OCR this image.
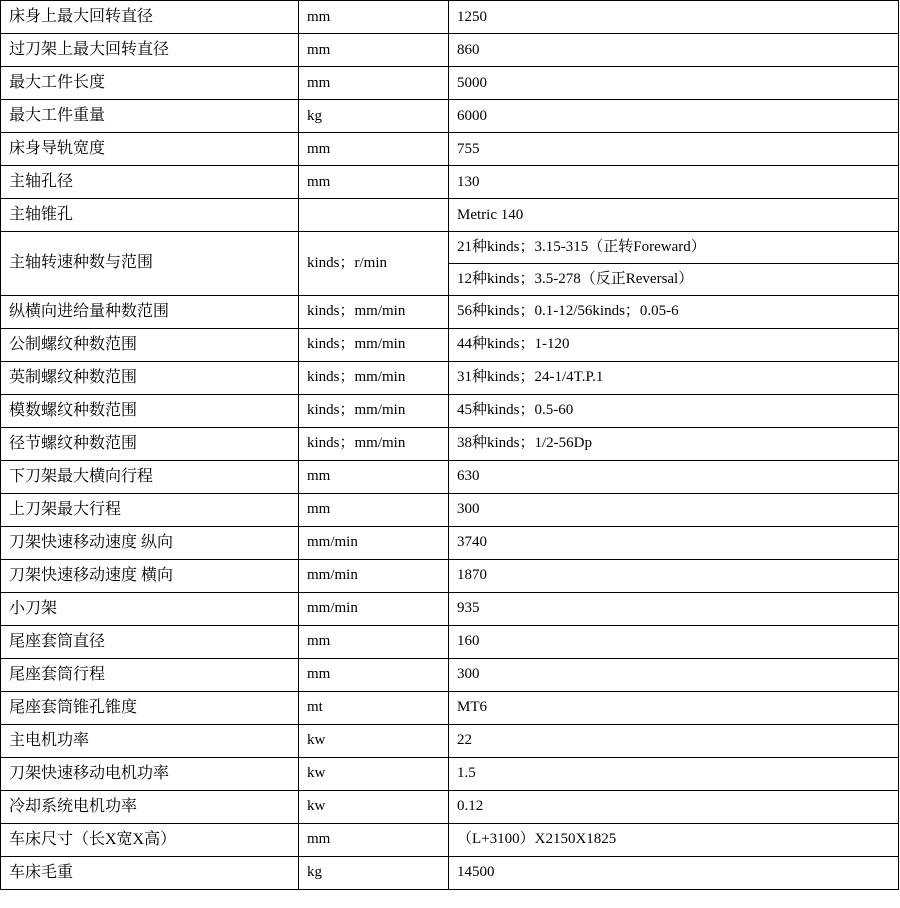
床身上最大回转直径	mm	1250
过刀架上最大回转直径	mm	860
最大工件长度	mm	5000
最大工件重量	kg	6000
床身导轨宽度	mm	755
主轴孔径	mm	130
主轴锥孔		Metric 140
主轴转速种数与范围	kinds；r/min	21种kinds；3.15-315（正转Foreward）
		12种kinds；3.5-278（反正Reversal）
纵横向进给量种数范围	kinds；mm/min	56种kinds；0.1-12/56kinds；0.05-6
公制螺纹种数范围	kinds；mm/min	44种kinds；1-120
英制螺纹种数范围	kinds；mm/min	31种kinds；24-1/4T.P.1
模数螺纹种数范围	kinds；mm/min	45种kinds；0.5-60
径节螺纹种数范围	kinds；mm/min	38种kinds；1/2-56Dp
下刀架最大横向行程	mm	630
上刀架最大行程	mm	300
刀架快速移动速度 纵向	mm/min	3740
刀架快速移动速度 横向	mm/min	1870
小刀架	mm/min	935
尾座套筒直径	mm	160
尾座套筒行程	mm	300
尾座套筒锥孔锥度	mt	MT6
主电机功率	kw	22
刀架快速移动电机功率	kw	1.5
冷却系统电机功率	kw	0.12
车床尺寸（长X宽X高）	mm	（L+3100）X2150X1825
车床毛重	kg	14500
